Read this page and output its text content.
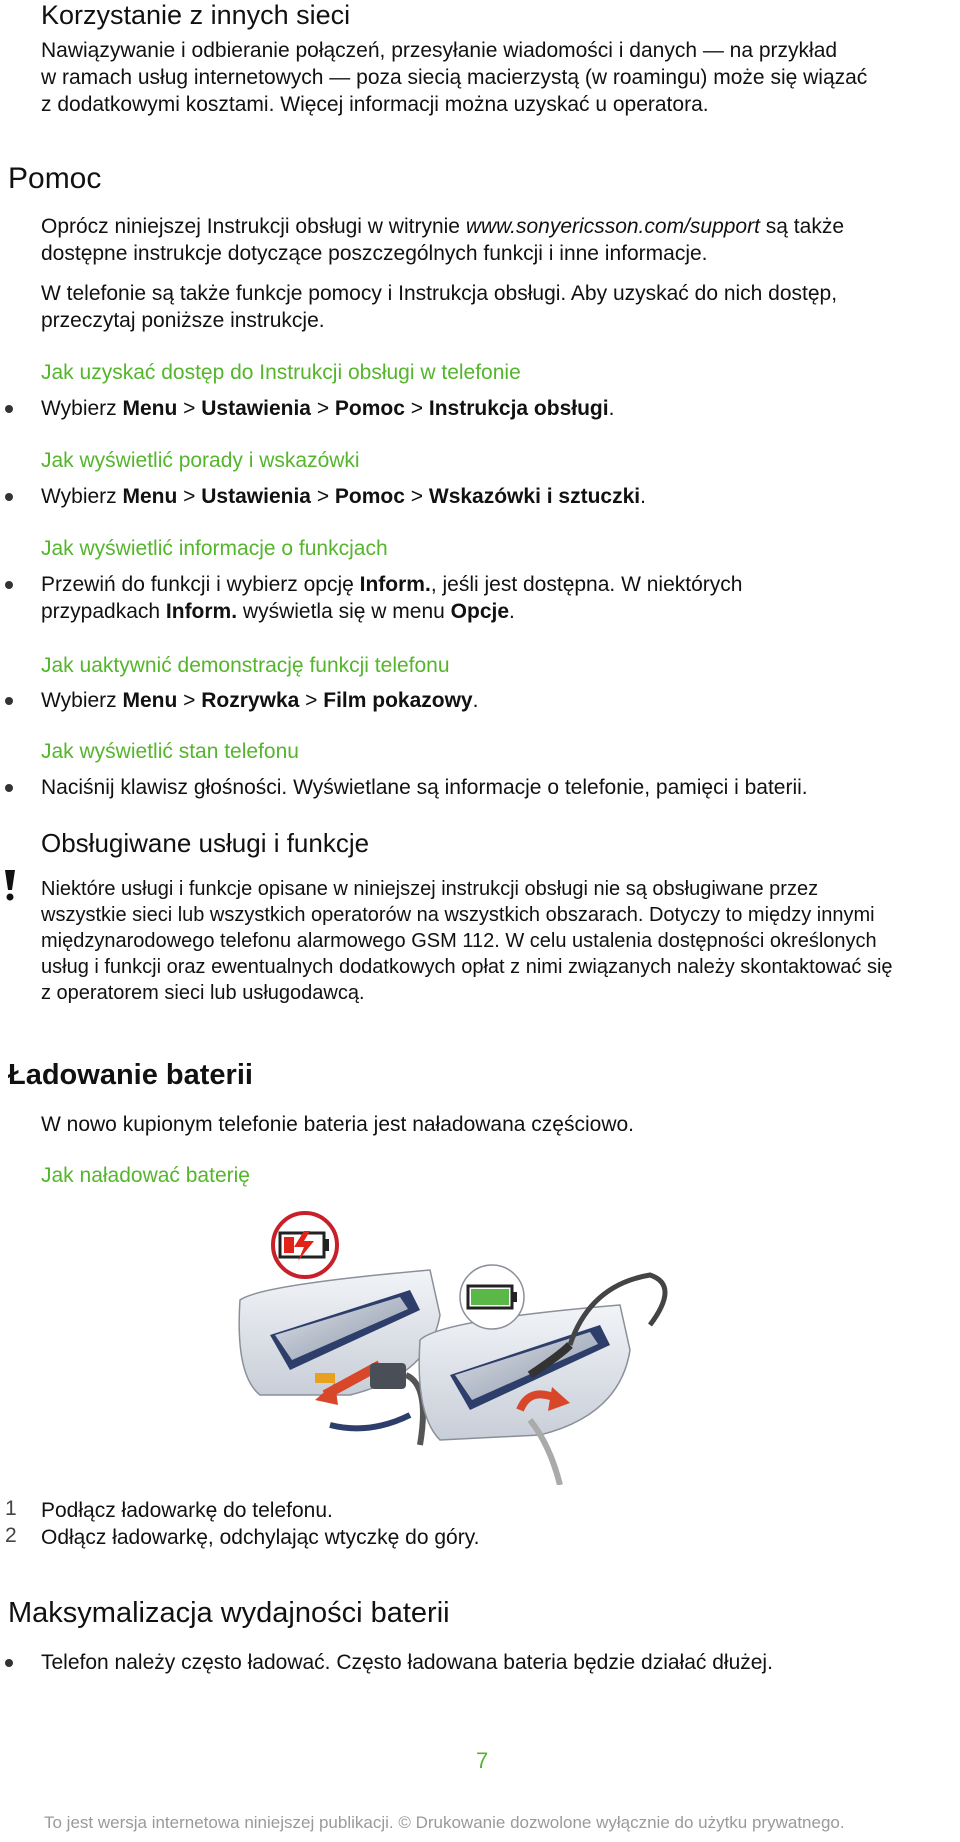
Korzystanie z innych sieci
Nawiązywanie i odbieranie połączeń, przesyłanie wiadomości i danych — na przykład
w ramach usług internetowych — poza siecią macierzystą (w roamingu) może się wiązać
z dodatkowymi kosztami. Więcej informacji można uzyskać u operatora.
Pomoc
Oprócz niniejszej Instrukcji obsługi w witrynie www.sonyericsson.com/support są także
dostępne instrukcje dotyczące poszczególnych funkcji i inne informacje.
W telefonie są także funkcje pomocy i Instrukcja obsługi. Aby uzyskać do nich dostęp,
przeczytaj poniższe instrukcje.
Jak uzyskać dostęp do Instrukcji obsługi w telefonie
Wybierz Menu > Ustawienia > Pomoc > Instrukcja obsługi.
Jak wyświetlić porady i wskazówki
Wybierz Menu > Ustawienia > Pomoc > Wskazówki i sztuczki.
Jak wyświetlić informacje o funkcjach
Przewiń do funkcji i wybierz opcję Inform., jeśli jest dostępna. W niektórych
przypadkach Inform. wyświetla się w menu Opcje.
Jak uaktywnić demonstrację funkcji telefonu
Wybierz Menu > Rozrywka > Film pokazowy.
Jak wyświetlić stan telefonu
Naciśnij klawisz głośności. Wyświetlane są informacje o telefonie, pamięci i baterii.
Obsługiwane usługi i funkcje
Niektóre usługi i funkcje opisane w niniejszej instrukcji obsługi nie są obsługiwane przez
wszystkie sieci lub wszystkich operatorów na wszystkich obszarach. Dotyczy to między innymi
międzynarodowego telefonu alarmowego GSM 112. W celu ustalenia dostępności określonych
usług i funkcji oraz ewentualnych dodatkowych opłat z nimi związanych należy skontaktować się
z operatorem sieci lub usługodawcą.
Ładowanie baterii
W nowo kupionym telefonie bateria jest naładowana częściowo.
Jak naładować baterię
1 Podłącz ładowarkę do telefonu.
2 Odłącz ładowarkę, odchylając wtyczkę do góry.
Maksymalizacja wydajności baterii
Telefon należy często ładować. Często ładowana bateria będzie działać dłużej.
7
To jest wersja internetowa niniejszej publikacji. © Drukowanie dozwolone wyłącznie do użytku prywatnego.
